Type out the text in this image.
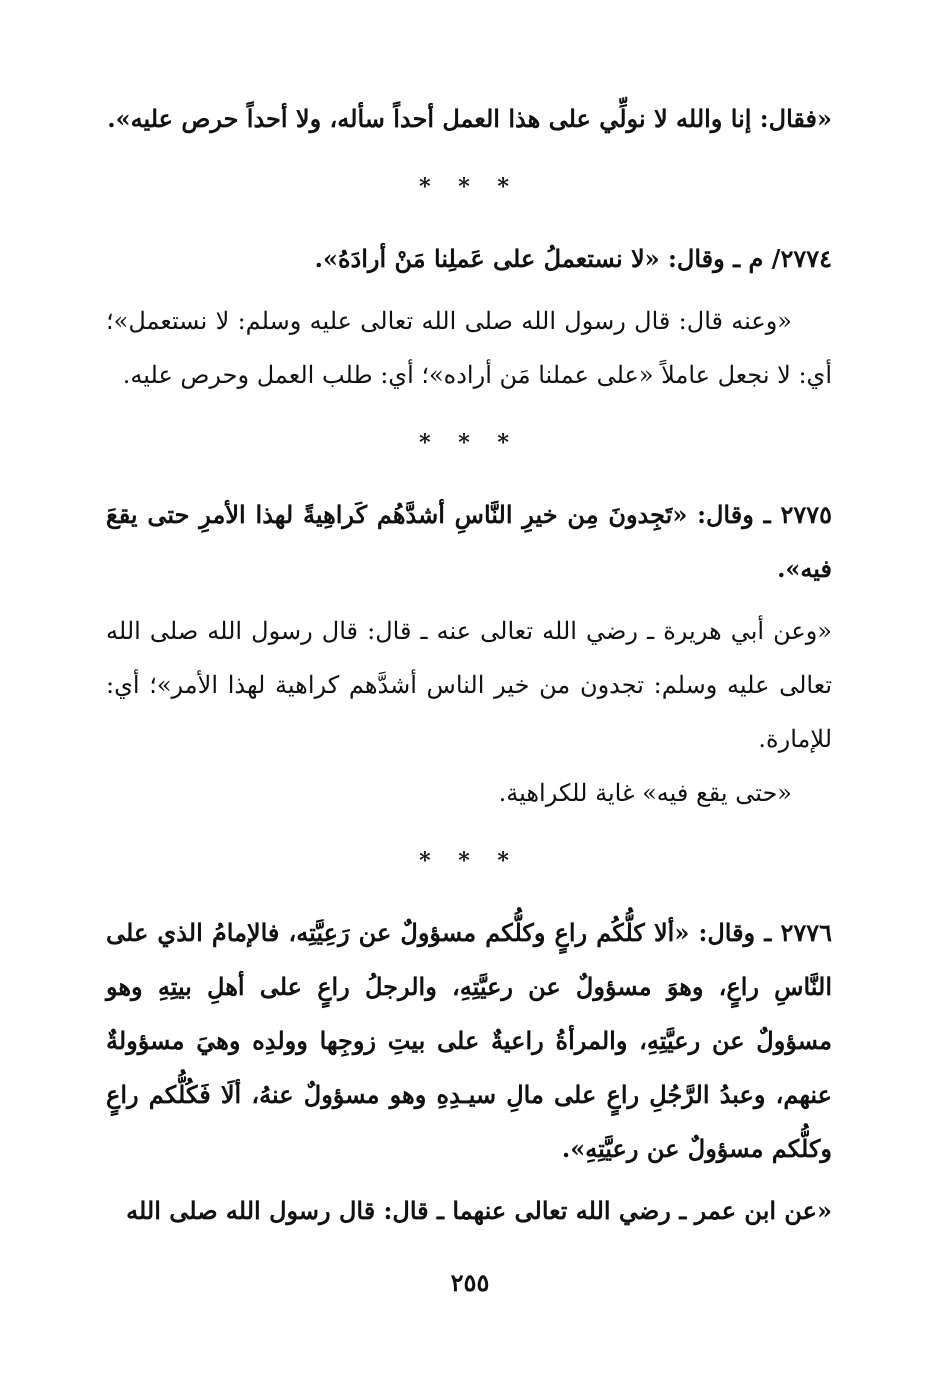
«فقال: إنا والله لا نولِّي على هذا العمل أحداً سأله، ولا أحداً حرص عليه».

* * *

٢٧٧٤/ م ـ وقال: «لا نستعملُ على عَملِنا مَنْ أرادَهُ».

«وعنه قال: قال رسول الله صلى الله تعالى عليه وسلم: لا نستعمل»؛ أي: لا نجعل عاملاً «على عملنا مَن أراده»؛ أي: طلب العمل وحرص عليه.

* * *

٢٧٧٥ ـ وقال: «تَجِدونَ مِن خيرِ النَّاسِ أشدَّهُم كَراهِيةً لهذا الأمرِ حتى يقعَ فيه».

«وعن أبي هريرة ـ رضي الله تعالى عنه ـ قال: قال رسول الله صلى الله تعالى عليه وسلم: تجدون من خير الناس أشدَّهم كراهية لهذا الأمر»؛ أي: للإمارة.

«حتى يقع فيه» غاية للكراهية.

* * *

٢٧٧٦ ـ وقال: «ألا كلُّكُم راعٍ وكلُّكم مسؤولٌ عن رَعِيَّتِه، فالإمامُ الذي على النَّاسِ راعٍ، وهوَ مسؤولٌ عن رعيَّتِهِ، والرجلُ راعٍ على أهلِ بيتِهِ وهو مسؤولٌ عن رعيَّتِهِ، والمرأةُ راعيةٌ على بيتِ زوجِها وولدِه وهيَ مسؤولةٌ عنهم، وعبدُ الرَّجُلِ راعٍ على مالِ سيـدِهِ وهو مسؤولٌ عنهُ، ألَا فَكُلُّكم راعٍ وكلُّكم مسؤولٌ عن رعيَّتِهِ».

«عن ابن عمر ـ رضي الله تعالى عنهما ـ قال: قال رسول الله صلى الله

٢٥٥
